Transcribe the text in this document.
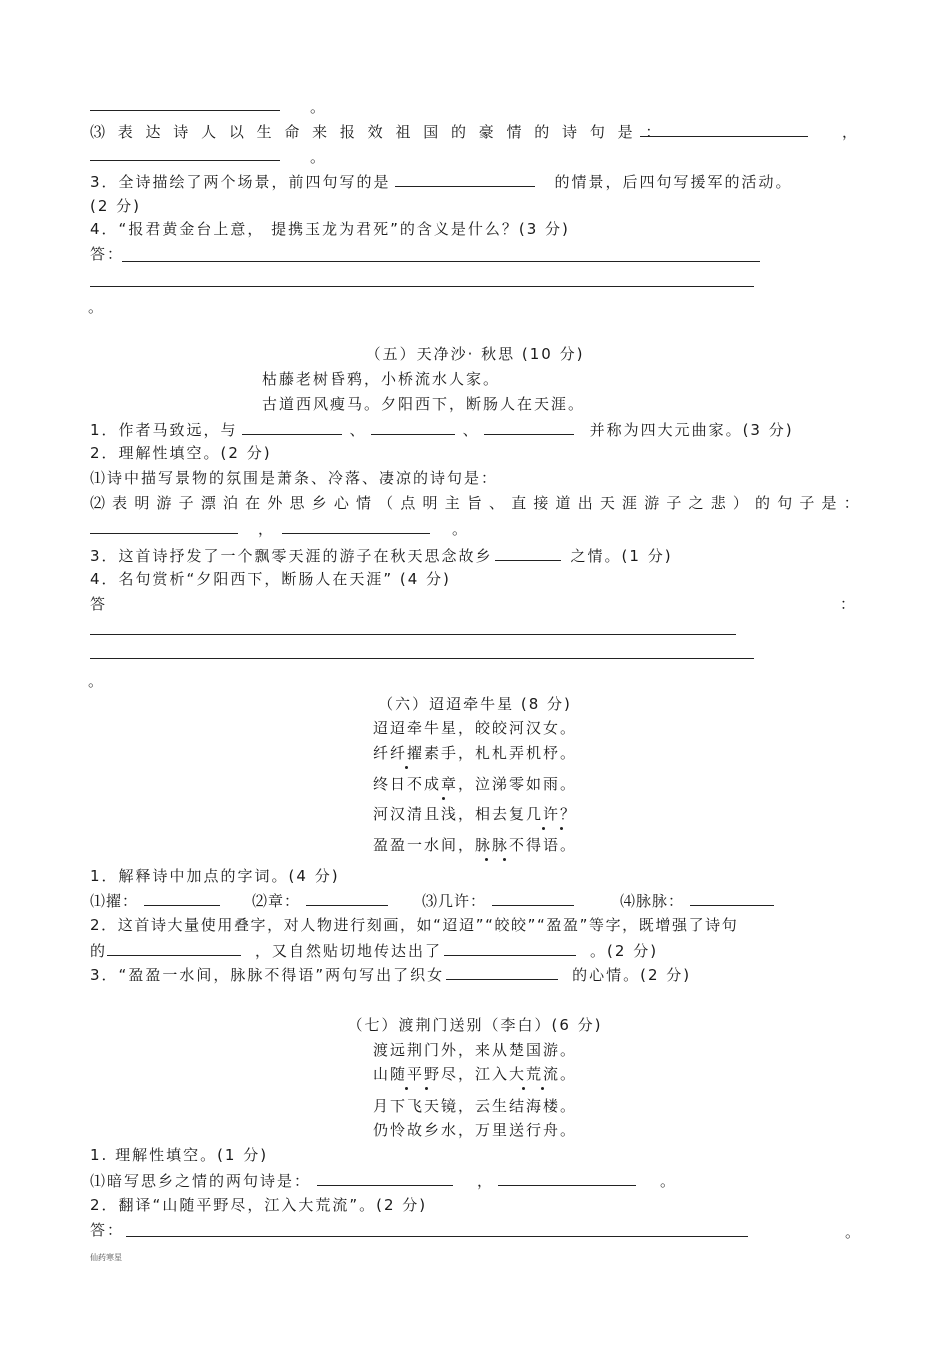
。
⑶ 表 达 诗 人 以 生 命 来 报 效 祖 国 的 豪 情 的 诗 句 是 ：	，
。
3．全诗描绘了两个场景，前四句写的是	的情景，后四句写援军的活动。
(2 分)
4．“报君黄金台上意， 提携玉龙为君死”的含义是什么？(3 分)
答：
。
（五）天净沙· 秋思 (10 分)
枯藤老树昏鸦，小桥流水人家。
古道西风瘦马。夕阳西下，断肠人在天涯。
1．作者马致远，与	、	、	并称为四大元曲家。(3 分)
2．理解性填空。(2 分)
⑴诗中描写景物的氛围是萧条、冷落、凄凉的诗句是：
⑵ 表 明 游 子 漂 泊 在 外 思 乡 心 情 （ 点 明 主 旨 、 直 接 道 出 天 涯 游 子 之 悲 ） 的 句 子 是 ：
，	。
3．这首诗抒发了一个飘零天涯的游子在秋天思念故乡	之情。(1 分)
4．名句赏析“夕阳西下，断肠人在天涯” (4 分)
答	：
。
（六）迢迢牵牛星 (8 分)
迢迢牵牛星，皎皎河汉女。
纤纤擢素手，札札弄机杼。
终日不成章，泣涕零如雨。
河汉清且浅，相去复几许？
盈盈一水间，脉脉不得语。
1．解释诗中加点的字词。(4 分)
⑴擢：	⑵章：	⑶几许：	⑷脉脉：
2．这首诗大量使用叠字，对人物进行刻画，如“迢迢”“皎皎”“盈盈”等字，既增强了诗句
的	，又自然贴切地传达出了	。(2 分)
3．“盈盈一水间，脉脉不得语”两句写出了织女	的心情。(2 分)
（七）渡荆门送别（李白）(6 分)
渡远荆门外，来从楚国游。
山随平野尽，江入大荒流。
月下飞天镜，云生结海楼。
仍怜故乡水，万里送行舟。
1. 理解性填空。(1 分)
⑴暗写思乡之情的两句诗是：	，	。
2．翻译“山随平野尽，江入大荒流”。(2 分)
答：	。
仙药寒星
